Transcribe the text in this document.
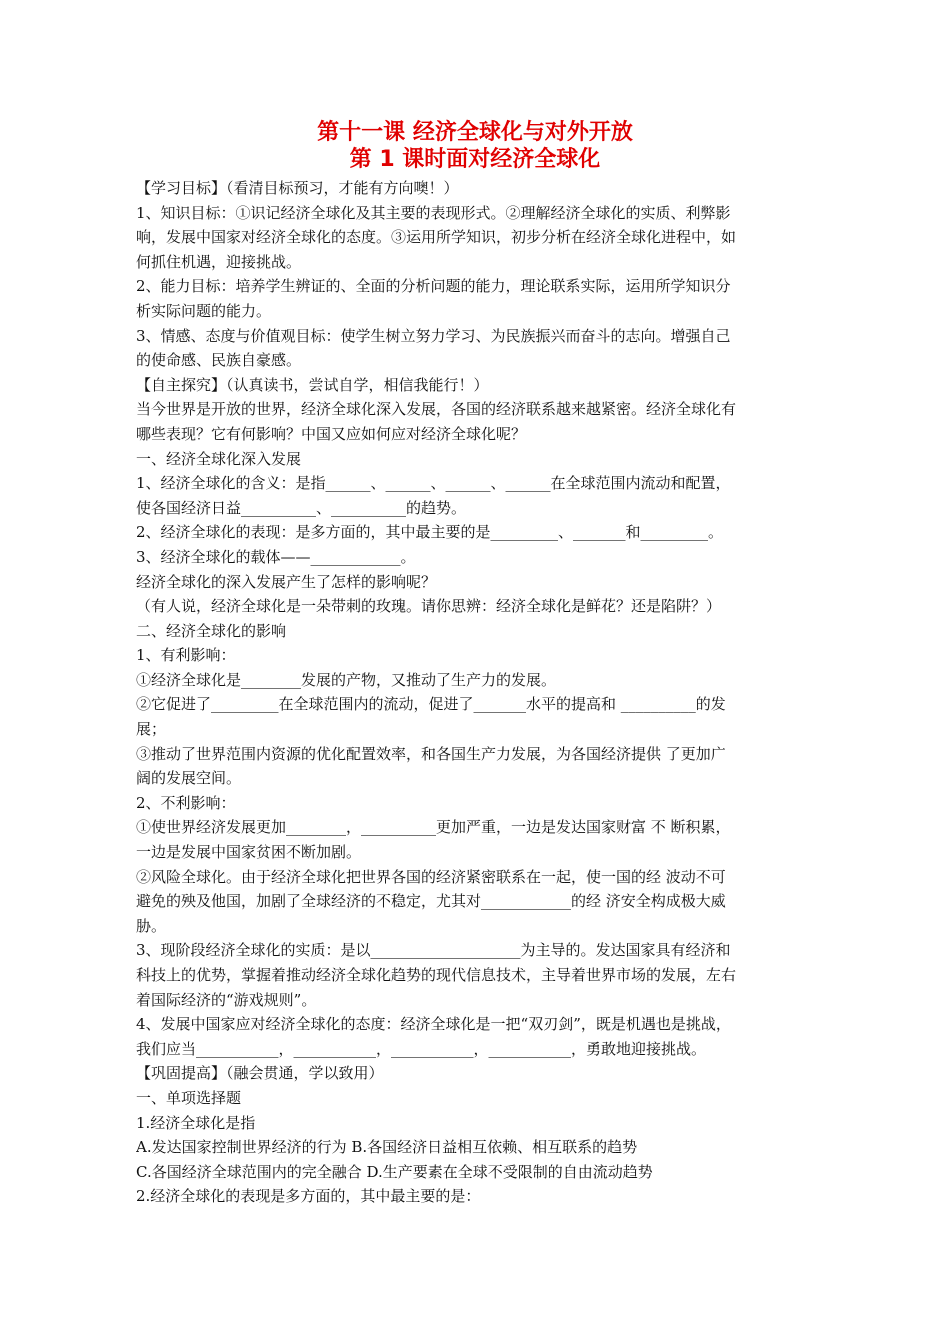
第十一课 经济全球化与对外开放
第 1 课时面对经济全球化

【学习目标】（看清目标预习，才能有方向噢！）

1、知识目标：①识记经济全球化及其主要的表现形式。②理解经济全球化的实质、利弊影

响，发展中国家对经济全球化的态度。③运用所学知识，初步分析在经济全球化进程中，如

何抓住机遇，迎接挑战。

2、能力目标：培养学生辨证的、全面的分析问题的能力，理论联系实际，运用所学知识分

析实际问题的能力。

3、情感、态度与价值观目标：使学生树立努力学习、为民族振兴而奋斗的志向。增强自己

的使命感、民族自豪感。

【自主探究】（认真读书，尝试自学，相信我能行！）

当今世界是开放的世界，经济全球化深入发展，各国的经济联系越来越紧密。经济全球化有

哪些表现？它有何影响？中国又应如何应对经济全球化呢？

一、经济全球化深入发展

1、经济全球化的含义：是指______、______、______、______在全球范围内流动和配置，

使各国经济日益__________、__________的趋势。

2、经济全球化的表现：是多方面的，其中最主要的是_________、_______和_________。

3、经济全球化的载体——____________。

经济全球化的深入发展产生了怎样的影响呢？

（有人说，经济全球化是一朵带刺的玫瑰。请你思辨：经济全球化是鲜花？还是陷阱？）

二、经济全球化的影响

1、有利影响：

①经济全球化是________发展的产物，又推动了生产力的发展。

②它促进了_________在全球范围内的流动，促进了_______水平的提高和 __________的发

展；

③推动了世界范围内资源的优化配置效率，和各国生产力发展，为各国经济提供 了更加广

阔的发展空间。

2、不利影响：

①使世界经济发展更加________，__________更加严重，一边是发达国家财富 不 断积累，

一边是发展中国家贫困不断加剧。

②风险全球化。由于经济全球化把世界各国的经济紧密联系在一起，使一国的经 波动不可

避免的殃及他国，加剧了全球经济的不稳定，尤其对____________的经 济安全构成极大威

胁。

3、现阶段经济全球化的实质：是以____________________为主导的。发达国家具有经济和

科技上的优势，掌握着推动经济全球化趋势的现代信息技术，主导着世界市场的发展，左右

着国际经济的“游戏规则”。

4、发展中国家应对经济全球化的态度：经济全球化是一把“双刃剑”，既是机遇也是挑战，

我们应当___________，___________，___________，___________，勇敢地迎接挑战。

【巩固提高】（融会贯通，学以致用）

一、单项选择题

1.经济全球化是指

A.发达国家控制世界经济的行为 B.各国经济日益相互依赖、相互联系的趋势

C.各国经济全球范围内的完全融合 D.生产要素在全球不受限制的自由流动趋势

2.经济全球化的表现是多方面的，其中最主要的是：
